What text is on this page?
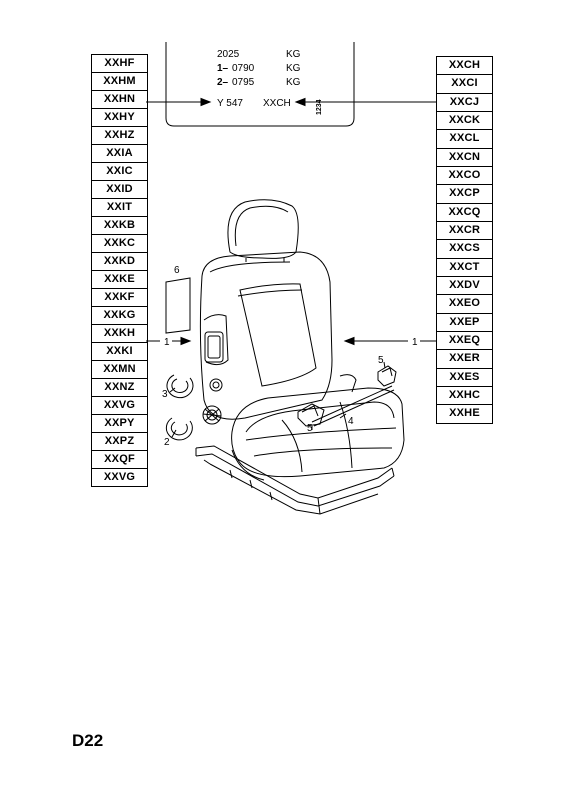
XXHF
XXHM
XXHN
XXHY
XXHZ
XXIA
XXIC
XXID
XXIT
XXKB
XXKC
XXKD
XXKE
XXKF
XXKG
XXKH
XXKI
XXMN
XXNZ
XXVG
XXPY
XXPZ
XXQF
XXVG
XXCH
XXCI
XXCJ
XXCK
XXCL
XXCN
XXCO
XXCP
XXCQ
XXCR
XXCS
XXCT
XXDV
XXEO
XXEP
XXEQ
XXER
XXES
XXHC
XXHE
2025	KG
1– 0790	KG
2– 0795	KG
Y 547 XXCH	1234
1	1
2
3
4
5
5
6
D22
